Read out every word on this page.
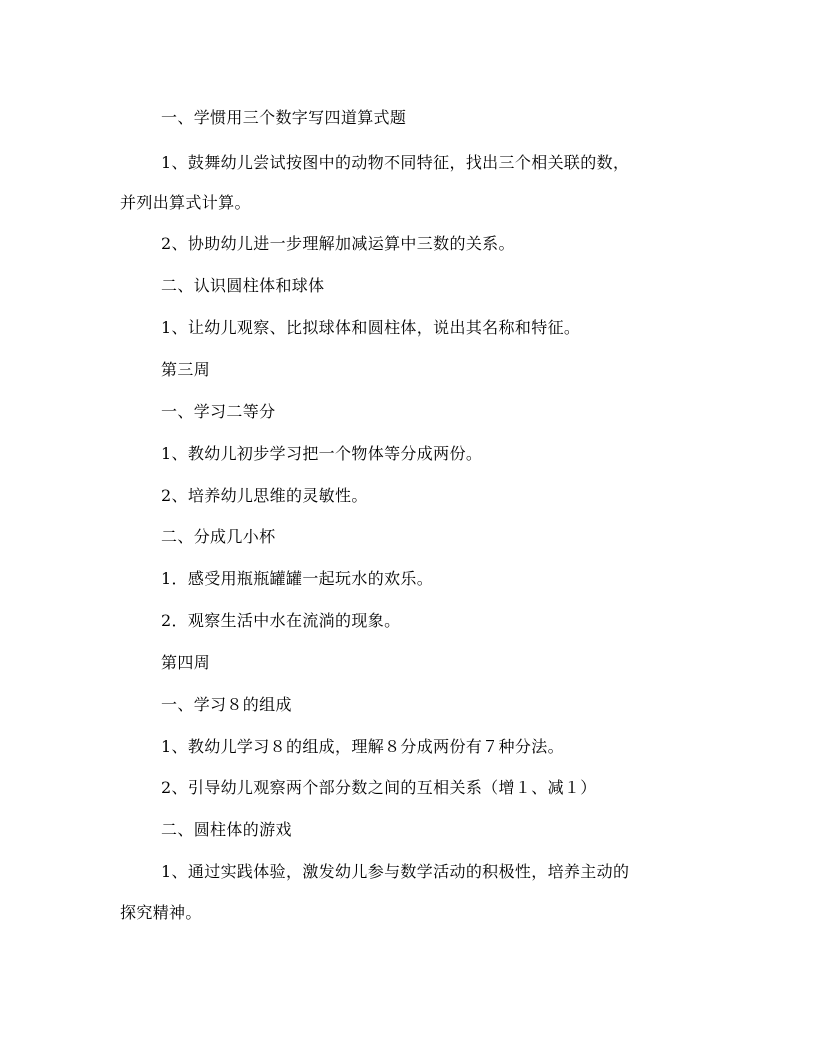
一、学惯用三个数字写四道算式题
1、鼓舞幼儿尝试按图中的动物不同特征，找出三个相关联的数，
并列出算式计算。
2、协助幼儿进一步理解加减运算中三数的关系。
二、认识圆柱体和球体
1、让幼儿观察、比拟球体和圆柱体，说出其名称和特征。
第三周
一、学习二等分
1、教幼儿初步学习把一个物体等分成两份。
2、培养幼儿思维的灵敏性。
二、分成几小杯
1．感受用瓶瓶罐罐一起玩水的欢乐。
2．观察生活中水在流淌的现象。
第四周
一、学习８的组成
1、教幼儿学习８的组成，理解８分成两份有７种分法。
2、引导幼儿观察两个部分数之间的互相关系（增１、减１）
二、圆柱体的游戏
1、通过实践体验，激发幼儿参与数学活动的积极性，培养主动的
探究精神。
